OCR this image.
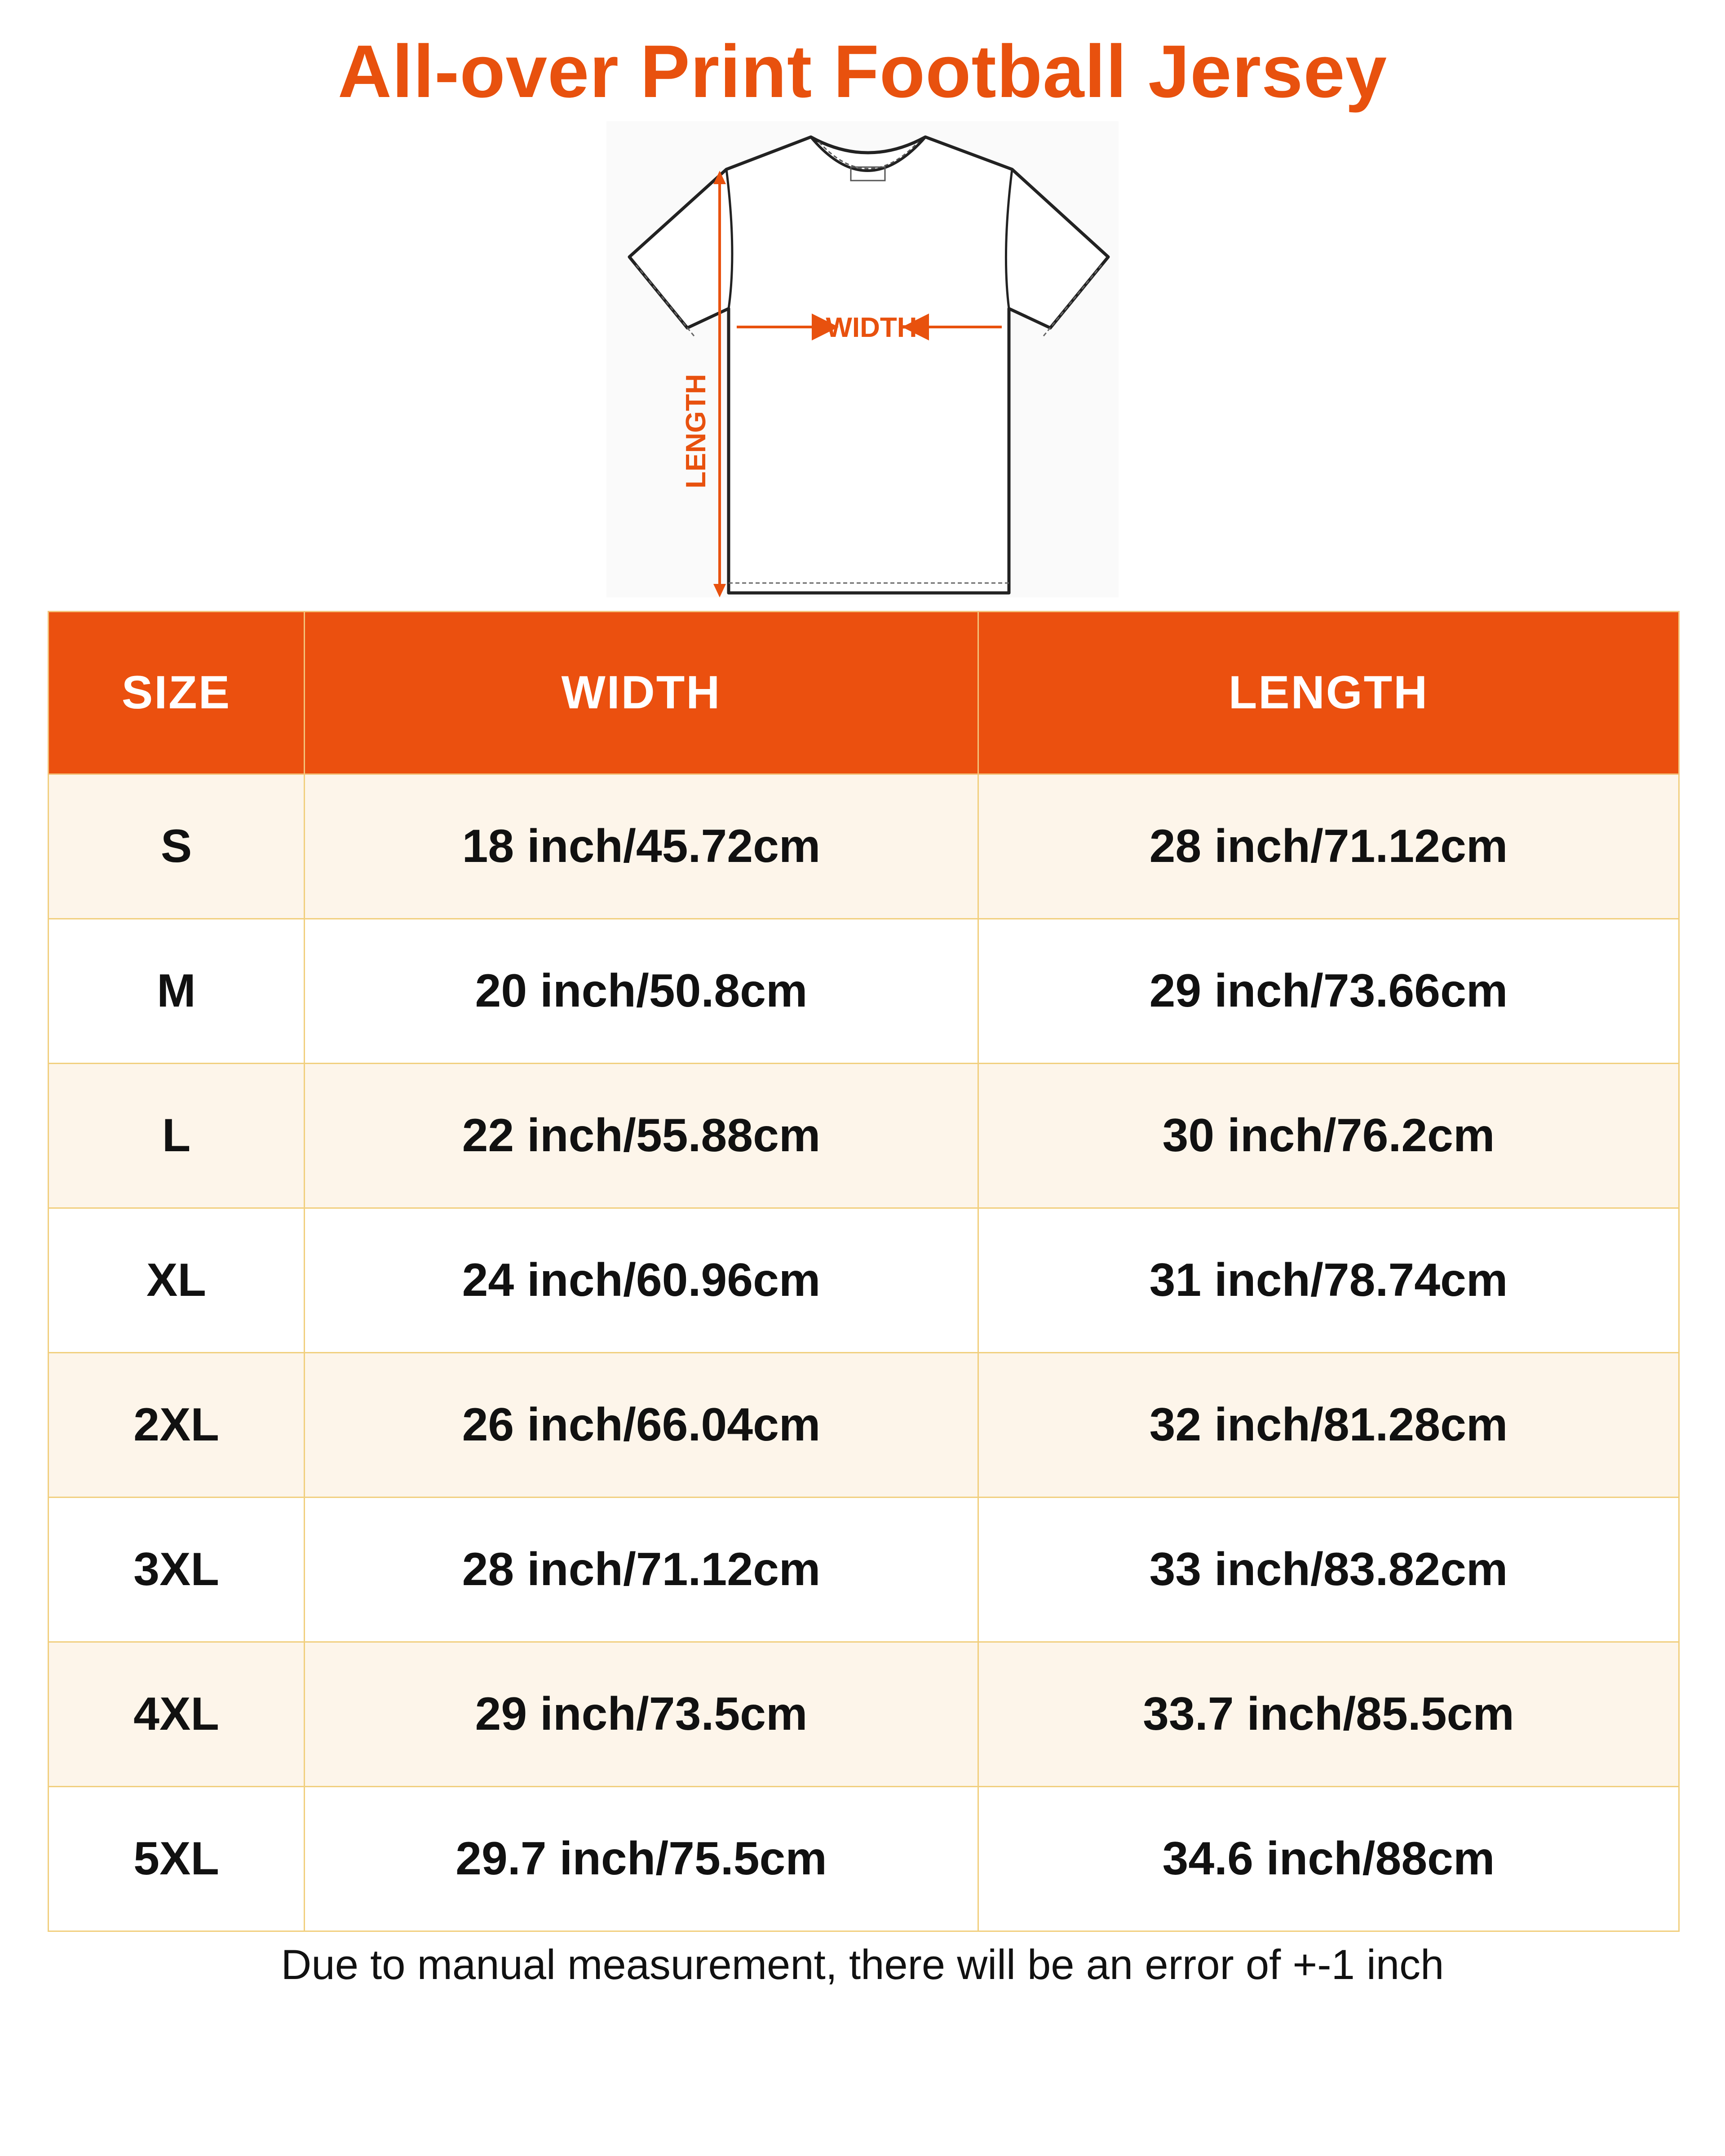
All-over Print Football Jersey
WIDTH
LENGTH
SIZE	WIDTH	LENGTH
S	18 inch/45.72cm	28 inch/71.12cm
M	20 inch/50.8cm	29 inch/73.66cm
L	22 inch/55.88cm	30 inch/76.2cm
XL	24 inch/60.96cm	31 inch/78.74cm
2XL	26 inch/66.04cm	32 inch/81.28cm
3XL	28 inch/71.12cm	33 inch/83.82cm
4XL	29 inch/73.5cm	33.7 inch/85.5cm
5XL	29.7 inch/75.5cm	34.6 inch/88cm
Due to manual measurement, there will be an error of +-1 inch
